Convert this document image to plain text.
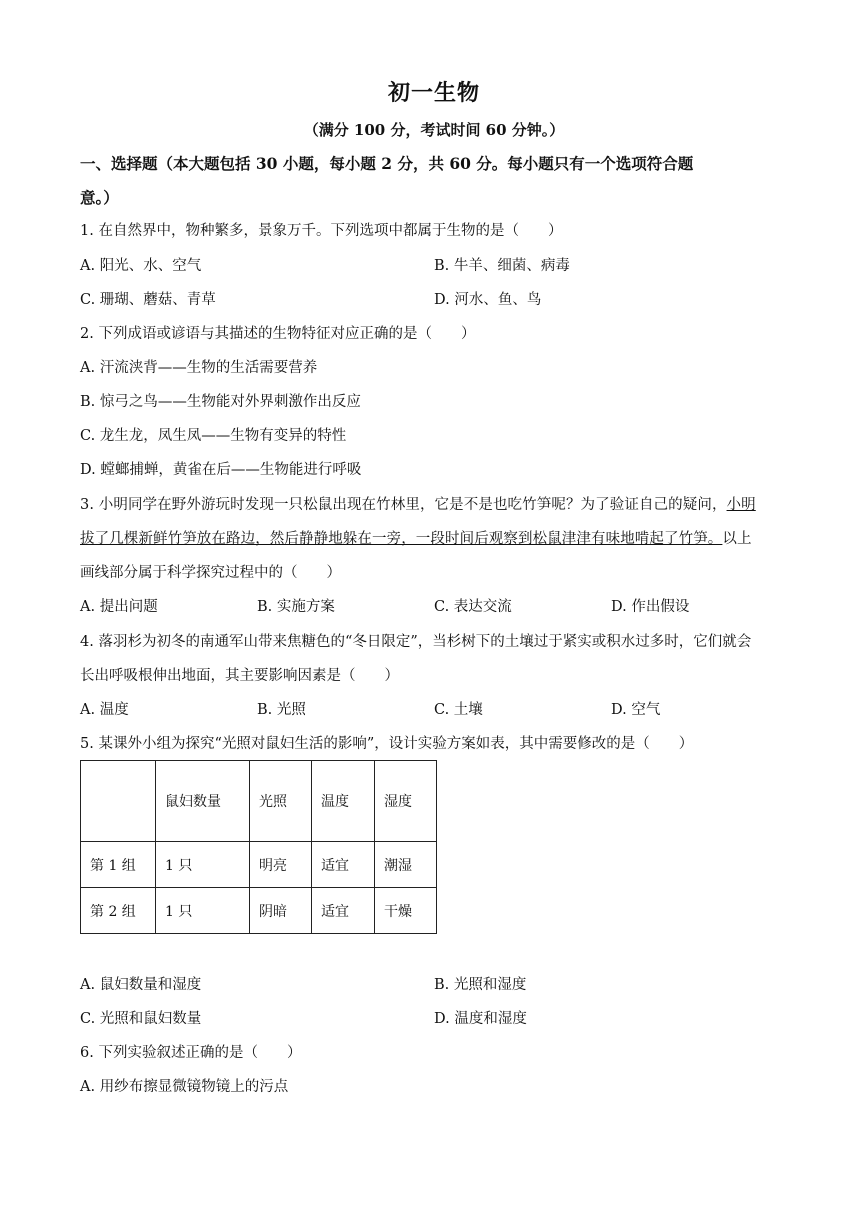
初一生物
（满分 100 分，考试时间 60 分钟。）
一、选择题（本大题包括 30 小题，每小题 2 分，共 60 分。每小题只有一个选项符合题
意。）
1. 在自然界中，物种繁多，景象万千。下列选项中都属于生物的是（　　）
A. 阳光、水、空气	B. 牛羊、细菌、病毒
C. 珊瑚、蘑菇、青草	D. 河水、鱼、鸟
2. 下列成语或谚语与其描述的生物特征对应正确的是（　　）
A. 汗流浃背——生物的生活需要营养
B. 惊弓之鸟——生物能对外界刺激作出反应
C. 龙生龙，凤生凤——生物有变异的特性
D. 螳螂捕蝉，黄雀在后——生物能进行呼吸
3. 小明同学在野外游玩时发现一只松鼠出现在竹林里，它是不是也吃竹笋呢？为了验证自己的疑问，小明
拔了几棵新鲜竹笋放在路边，然后静静地躲在一旁，一段时间后观察到松鼠津津有味地啃起了竹笋。以上
画线部分属于科学探究过程中的（　　）
A. 提出问题	B. 实施方案	C. 表达交流	D. 作出假设
4. 落羽杉为初冬的南通军山带来焦糖色的“冬日限定”，当杉树下的土壤过于紧实或积水过多时，它们就会
长出呼吸根伸出地面，其主要影响因素是（　　）
A. 温度	B. 光照	C. 土壤	D. 空气
5. 某课外小组为探究“光照对鼠妇生活的影响”，设计实验方案如表，其中需要修改的是（　　）
	鼠妇数量	光照	温度	湿度
第 1 组	1 只	明亮	适宜	潮湿
第 2 组	1 只	阴暗	适宜	干燥
A. 鼠妇数量和湿度	B. 光照和湿度
C. 光照和鼠妇数量	D. 温度和湿度
6. 下列实验叙述正确的是（　　）
A. 用纱布擦显微镜物镜上的污点
